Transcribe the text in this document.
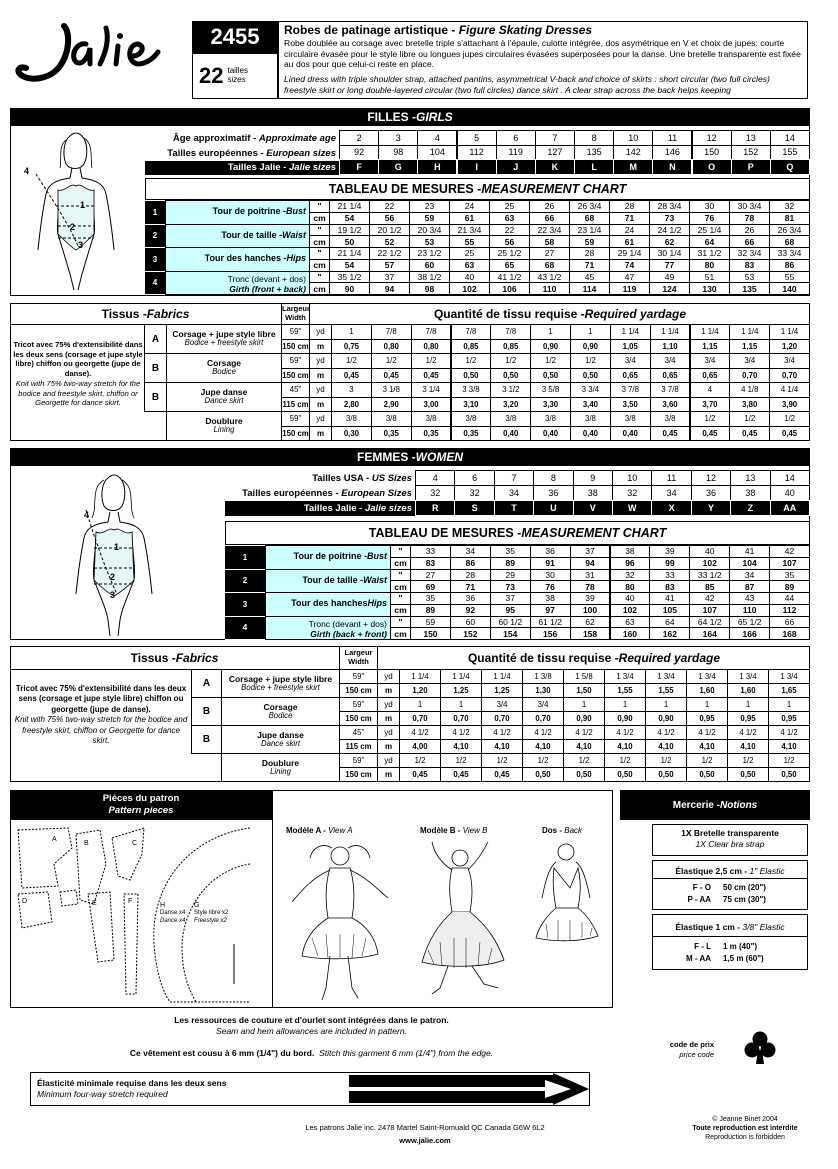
2455
22 tailles
sizes
Robes de patinage artistique - Figure Skating Dresses
Robe doublée au corsage avec bretelle triple s'attachant à l'épaule, culotte intégrée, dos asymétrique en V et choix de jupes: courte circulaire évasée pour le style libre ou longues jupes circulaires évasées superposées pour la danse. Une bretelle transparente est fixée au dos pour que celui-ci reste en place.
Lined dress with triple shoulder strap, attached pantins, asymmetrical V-back and choice of skirts : short circular (two full circles) freestyle skirt or long double-layered circular (two full circles) dance skirt . A clear strap across the back helps keeping
FILLES - GIRLS
1
2
3
4
Âge approximatif - Approximate age
Tailles européennes - European sizes
Tailles Jalie - Jalie sizes
2	3	4	5	6	7	8	10	11	12	13	14
92	98	104	112	119	127	135	142	146	150	152	155
F	G	H	I	J	K	L	M	N	O	P	Q
TABLEAU DE MESURES - MEASUREMENT CHART
1	Tour de poitrine - Bust	"	21 1/4	22	23	24	25	26	26 3/4	28	28 3/4	30	30 3/4	32
cm	54	56	59	61	63	66	68	71	73	76	78	81
2	Tour de taille - Waist	"	19 1/2	20 1/2	20 3/4	21 3/4	22	22 3/4	23 1/4	24	24 1/2	25 1/4	26	26 3/4
cm	50	52	53	55	56	58	59	61	62	64	66	68
3	Tour des hanches - Hips	"	21 1/4	22 1/2	23 1/2	25	25 1/2	27	28	29 1/4	30 1/4	31 1/2	32 3/4	33 3/4
cm	54	57	60	63	65	68	71	74	77	80	83	86
4	Tronc (devant + dos)
Girth (front + back)
"	35 1/2	37	38 1/2	40	41 1/2	43 1/2	45	47	49	51	53	55
cm	90	94	98	102	106	110	114	119	124	130	135	140
Tissus - Fabrics	Largeur Width	Quantité de tissu requise - Required yardage
Tricot avec 75% d'extensibilité dans les deux sens (corsage et jupe style libre) chiffon ou georgette (jupe de danse).
Knit with 75% two-way stretch for the bodice and freestyle skirt, chiffon or Georgette for dance skirt.
A	Corsage + jupe style libre
Bodice + freestyle skirt
59"
150 cm
yd	1	7/8	7/8	7/8	7/8	1	1	1 1/4	1 1/4	1 1/4	1 1/4	1 1/4
m	0,75	0,80	0,80	0,85	0,85	0,90	0,90	1,05	1,10	1,15	1,15	1,20
B	Corsage
Bodice
59"
150 cm
yd	1/2	1/2	1/2	1/2	1/2	1/2	1/2	3/4	3/4	3/4	3/4	3/4
m	0,45	0,45	0,45	0,50	0,50	0,50	0,50	0,65	0,65	0,65	0,70	0,70
B	Jupe danse
Dance skirt
45"
115 cm
yd	3	3 1/8	3 1/4	3 3/8	3 1/2	3 5/8	3 3/4	3 7/8	3 7/8	4	4 1/8	4 1/4
m	2,80	2,90	3,00	3,10	3,20	3,30	3,40	3,50	3,60	3,70	3,80	3,90
Doublure
Lining
59"
150 cm
yd	3/8	3/8	3/8	3/8	3/8	3/8	3/8	3/8	3/8	1/2	1/2	1/2
m	0,30	0,35	0,35	0,35	0,40	0,40	0,40	0,40	0,45	0,45	0,45	0,45
FEMMES - WOMEN
1
2
3
4
Tailles USA - US Sizes
Tailles européennes - European Sizes
Tailles Jalie - Jalie sizes
4	6	7	8	9	10	11	12	13	14
32	32	34	36	38	32	34	36	38	40
R	S	T	U	V	W	X	Y	Z	AA
TABLEAU DE MESURES - MEASUREMENT CHART
1	Tour de poitrine - Bust	"	33	34	35	36	37	38	39	40	41	42
cm	83	86	89	91	94	96	99	102	104	107
2	Tour de taille - Waist	"	27	28	29	30	31	32	33	33 1/2	34	35
cm	69	71	73	76	78	80	83	85	87	89
3	Tour des hanches Hips	"	35	36	37	38	39	40	41	42	43	44
cm	89	92	95	97	100	102	105	107	110	112
4	Tronc (devant + dos)
Girth (back + front)
"	59	60	60 1/2	61 1/2	62	63	64	64 1/2	65 1/2	66
cm	150	152	154	156	158	160	162	164	166	168
Tissus - Fabrics	Largeur Width	Quantité de tissu requise - Required yardage
Tricot avec 75% d'extensibilité dans les deux sens (corsage et jupe style libre) chiffon ou georgette (jupe de danse).
Knit with 75% two-way stretch for the bodice and freestyle skirt, chiffon or Georgette for dance skirt.
A	Corsage + jupe style libre
Bodice + freestyle skirt
59"
150 cm
yd	1 1/4	1 1/4	1 1/4	1 3/8	1 5/8	1 3/4	1 3/4	1 3/4	1 3/4	1 3/4
m	1,20	1,25	1,25	1,30	1,50	1,55	1,55	1,60	1,60	1,65
B	Corsage
Bodice
59"
150 cm
yd	1	1	3/4	3/4	1	1	1	1	1	1
m	0,70	0,70	0,70	0,70	0,90	0,90	0,90	0,95	0,95	0,95
B	Jupe danse
Dance skirt
45"
115 cm
yd	4 1/2	4 1/2	4 1/2	4 1/2	4 1/2	4 1/2	4 1/2	4 1/2	4 1/2	4 1/2
m	4,00	4,10	4,10	4,10	4,10	4,10	4,10	4,10	4,10	4,10
Doublure
Lining
59"
150 cm
yd	1/2	1/2	1/2	1/2	1/2	1/2	1/2	1/2	1/2	1/2
m	0,45	0,45	0,45	0,50	0,50	0,50	0,50	0,50	0,50	0,50
Pièces du patron
Pattern pieces
A
B	C
D	E	F
H
Danse x4
Dance x4
G
Style libre x2
Freestyle x2
Modèle A - View A	Modèle B - View B	Dos - Back
Mercerie - Notions
1X Bretelle transparente
1X Clear bra strap
Élastique 2,5 cm - 1" Elastic
F - O	50 cm (20")
P - AA	75 cm (30")
Élastique 1 cm - 3/8" Elastic
F - L	1 m (40")
M - AA	1,5 m (60")
Les ressources de couture et d'ourlet sont intégrées dans le patron.
Seam and hem allowances are included in pattern.
Ce vêtement est cousu à 6 mm (1/4") du bord. Stitch this garment 6 mm (1/4") from the edge.
code de prix
price code
Élasticité minimale requise dans les deux sens
Minimum four-way stretch required
Les patrons Jalie inc. 2478 Martel Saint-Romuald QC Canada G6W 6L2
www.jalie.com
© Jeanne Binet 2004
Toute reproduction est interdite
Reproduction is forbidden
